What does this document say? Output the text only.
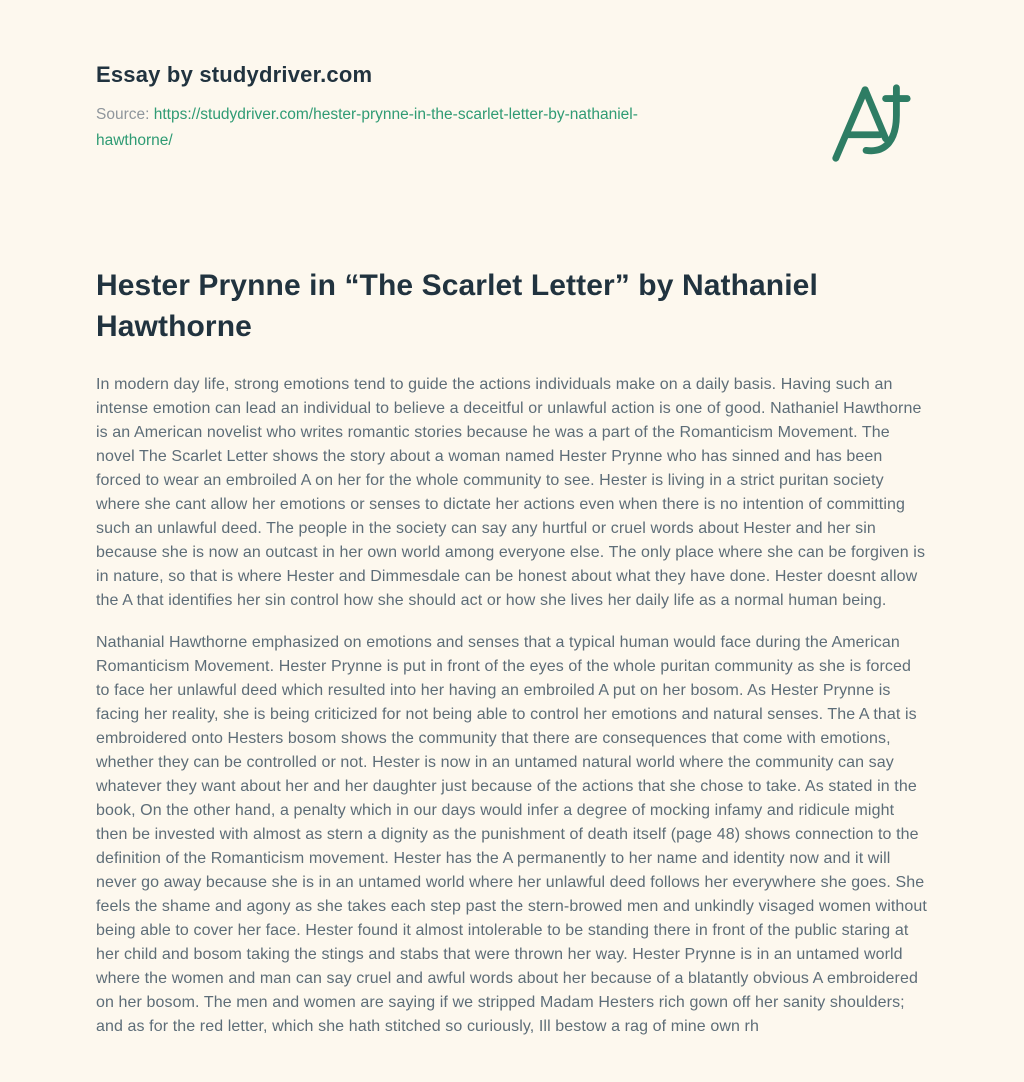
Essay by studydriver.com

Source: https://studydriver.com/hester-prynne-in-the-scarlet-letter-by-nathaniel-hawthorne/

Hester Prynne in “The Scarlet Letter” by Nathaniel Hawthorne

In modern day life, strong emotions tend to guide the actions individuals make on a daily basis. Having such an intense emotion can lead an individual to believe a deceitful or unlawful action is one of good. Nathaniel Hawthorne is an American novelist who writes romantic stories because he was a part of the Romanticism Movement. The novel The Scarlet Letter shows the story about a woman named Hester Prynne who has sinned and has been forced to wear an embroiled A on her for the whole community to see. Hester is living in a strict puritan society where she cant allow her emotions or senses to dictate her actions even when there is no intention of committing such an unlawful deed. The people in the society can say any hurtful or cruel words about Hester and her sin because she is now an outcast in her own world among everyone else. The only place where she can be forgiven is in nature, so that is where Hester and Dimmesdale can be honest about what they have done. Hester doesnt allow the A that identifies her sin control how she should act or how she lives her daily life as a normal human being.

Nathanial Hawthorne emphasized on emotions and senses that a typical human would face during the American Romanticism Movement. Hester Prynne is put in front of the eyes of the whole puritan community as she is forced to face her unlawful deed which resulted into her having an embroiled A put on her bosom. As Hester Prynne is facing her reality, she is being criticized for not being able to control her emotions and natural senses. The A that is embroidered onto Hesters bosom shows the community that there are consequences that come with emotions, whether they can be controlled or not. Hester is now in an untamed natural world where the community can say whatever they want about her and her daughter just because of the actions that she chose to take. As stated in the book, On the other hand, a penalty which in our days would infer a degree of mocking infamy and ridicule might then be invested with almost as stern a dignity as the punishment of death itself (page 48) shows connection to the definition of the Romanticism movement. Hester has the A permanently to her name and identity now and it will never go away because she is in an untamed world where her unlawful deed follows her everywhere she goes. She feels the shame and agony as she takes each step past the stern-browed men and unkindly visaged women without being able to cover her face. Hester found it almost intolerable to be standing there in front of the public staring at her child and bosom taking the stings and stabs that were thrown her way. Hester Prynne is in an untamed world where the women and man can say cruel and awful words about her because of a blatantly obvious A embroidered on her bosom. The men and women are saying if we stripped Madam Hesters rich gown off her sanity shoulders; and as for the red letter, which she hath stitched so curiously, Ill bestow a rag of mine own rh
